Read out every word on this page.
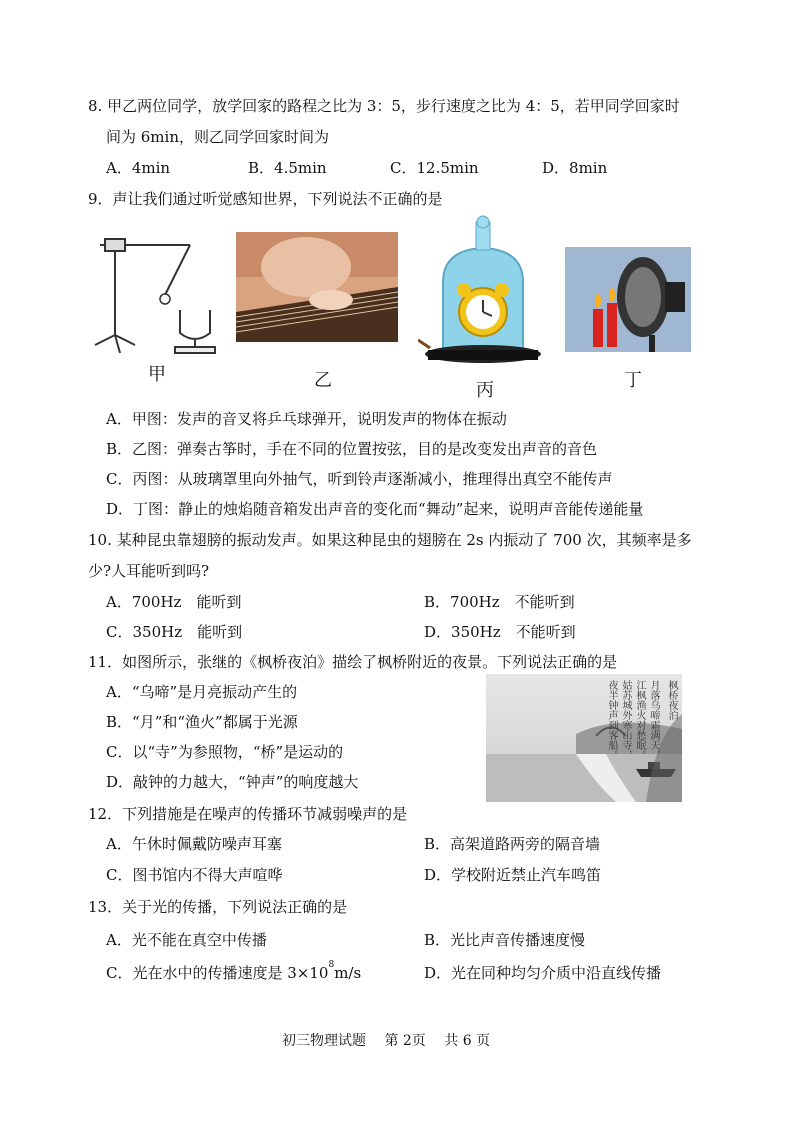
8. 甲乙两位同学，放学回家的路程之比为 3：5，步行速度之比为 4：5，若甲同学回家时
间为 6min，则乙同学回家时间为
A．4min	B．4.5min	C．12.5min	D．8min
9．声让我们通过听觉感知世界，下列说法不正确的是
甲	乙	丙	丁
A．甲图：发声的音叉将乒乓球弹开，说明发声的物体在振动
B．乙图：弹奏古筝时，手在不同的位置按弦，目的是改变发出声音的音色
C．丙图：从玻璃罩里向外抽气，听到铃声逐渐减小，推理得出真空不能传声
D．丁图：静止的烛焰随音箱发出声音的变化而“舞动”起来，说明声音能传递能量
10. 某种昆虫靠翅膀的振动发声。如果这种昆虫的翅膀在 2s 内振动了 700 次，其频率是多
少?人耳能听到吗?
A．700Hz　能听到	B．700Hz　不能听到
C．350Hz　能听到	D．350Hz　不能听到
11．如图所示，张继的《枫桥夜泊》描绘了枫桥附近的夜景。下列说法正确的是
A．“乌啼”是月亮振动产生的
B．“月”和“渔火”都属于光源
C．以“寺”为参照物，“桥”是运动的
D．敲钟的力越大，“钟声”的响度越大
枫桥夜泊
月落乌啼霜满天，
江枫渔火对愁眠。
姑苏城外寒山寺，
夜半钟声到客船。
12．下列措施是在噪声的传播环节减弱噪声的是
A．午休时佩戴防噪声耳塞	B．高架道路两旁的隔音墙
C．图书馆内不得大声喧哗	D．学校附近禁止汽车鸣笛
13．关于光的传播，下列说法正确的是
A．光不能在真空中传播	B．光比声音传播速度慢
C．光在水中的传播速度是 $3\times 10^8m/s$	D．光在同种均匀介质中沿直线传播
初三物理试题　 第 2页　 共 6 页
